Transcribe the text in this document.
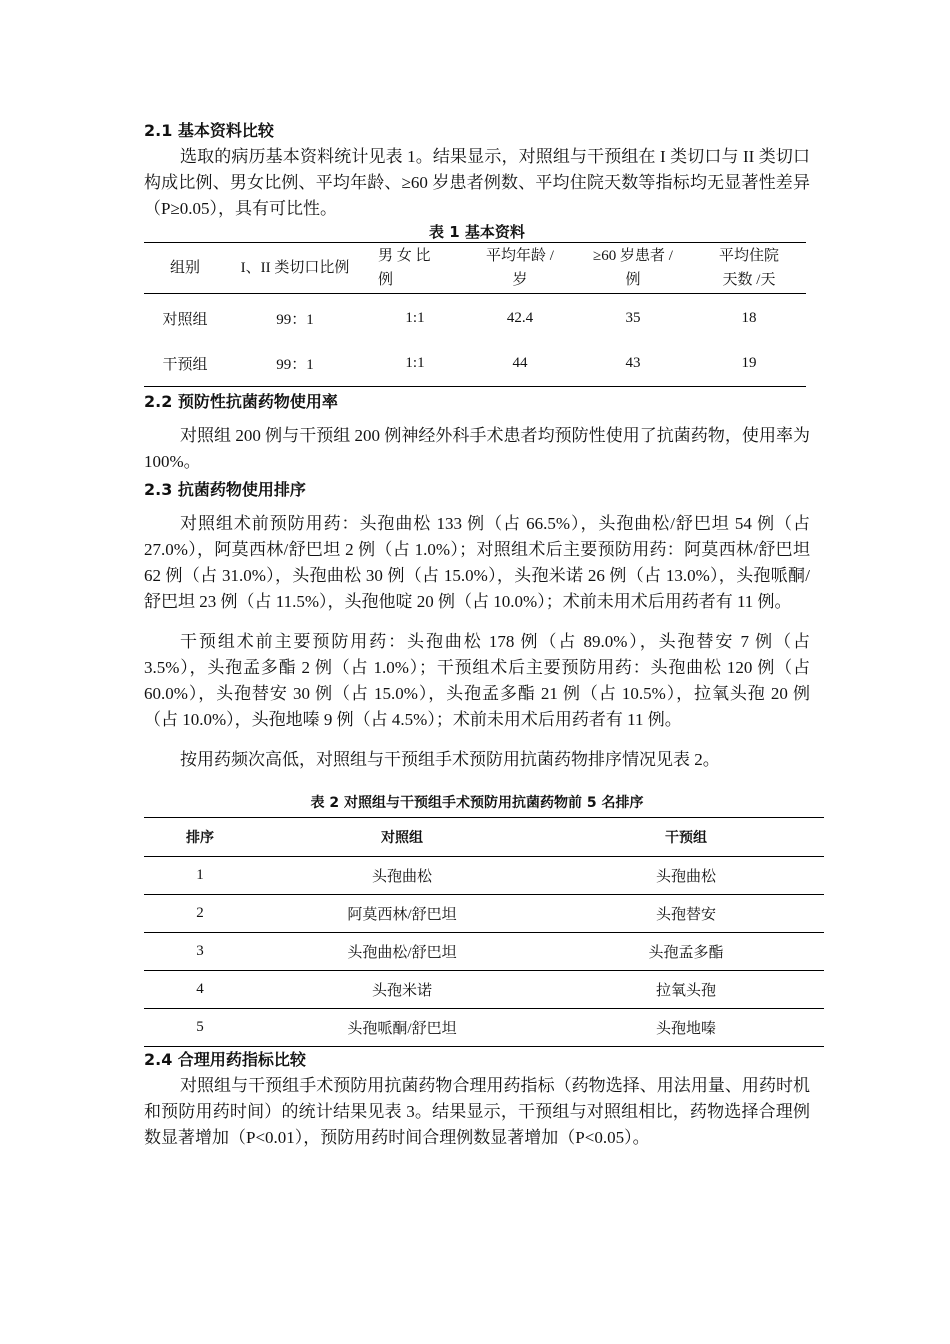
2.1 基本资料比较

选取的病历基本资料统计见表 1。结果显示，对照组与干预组在 I 类切口与 II 类切口构成比例、男女比例、平均年龄、≥60 岁患者例数、平均住院天数等指标均无显著性差异（P≥0.05），具有可比性。

表 1 基本资料
组别	I、II 类切口比例	男 女 比 例	平均年龄 /岁	≥60 岁患者 /例	平均住院天数 /天
对照组	99：1	1:1	42.4	35	18
干预组	99：1	1:1	44	43	19

2.2 预防性抗菌药物使用率

对照组 200 例与干预组 200 例神经外科手术患者均预防性使用了抗菌药物，使用率为 100%。

2.3 抗菌药物使用排序

对照组术前预防用药：头孢曲松 133 例（占 66.5%），头孢曲松/舒巴坦 54 例（占 27.0%），阿莫西林/舒巴坦 2 例（占 1.0%）；对照组术后主要预防用药：阿莫西林/舒巴坦 62 例（占 31.0%），头孢曲松 30 例（占 15.0%），头孢米诺 26 例（占 13.0%），头孢哌酮/舒巴坦 23 例（占 11.5%），头孢他啶 20 例（占 10.0%）；术前未用术后用药者有 11 例。

干预组术前主要预防用药：头孢曲松 178 例（占 89.0%），头孢替安 7 例（占 3.5%），头孢孟多酯 2 例（占 1.0%）；干预组术后主要预防用药：头孢曲松 120 例（占 60.0%），头孢替安 30 例（占 15.0%），头孢孟多酯 21 例（占 10.5%），拉氧头孢 20 例（占 10.0%），头孢地嗪 9 例（占 4.5%）；术前未用术后用药者有 11 例。

按用药频次高低，对照组与干预组手术预防用抗菌药物排序情况见表 2。

表 2 对照组与干预组手术预防用抗菌药物前 5 名排序
排序	对照组	干预组
1	头孢曲松	头孢曲松
2	阿莫西林/舒巴坦	头孢替安
3	头孢曲松/舒巴坦	头孢孟多酯
4	头孢米诺	拉氧头孢
5	头孢哌酮/舒巴坦	头孢地嗪

2.4 合理用药指标比较

对照组与干预组手术预防用抗菌药物合理用药指标（药物选择、用法用量、用药时机和预防用药时间）的统计结果见表 3。结果显示，干预组与对照组相比，药物选择合理例数显著增加（P<0.01），预防用药时间合理例数显著增加（P<0.05）。
